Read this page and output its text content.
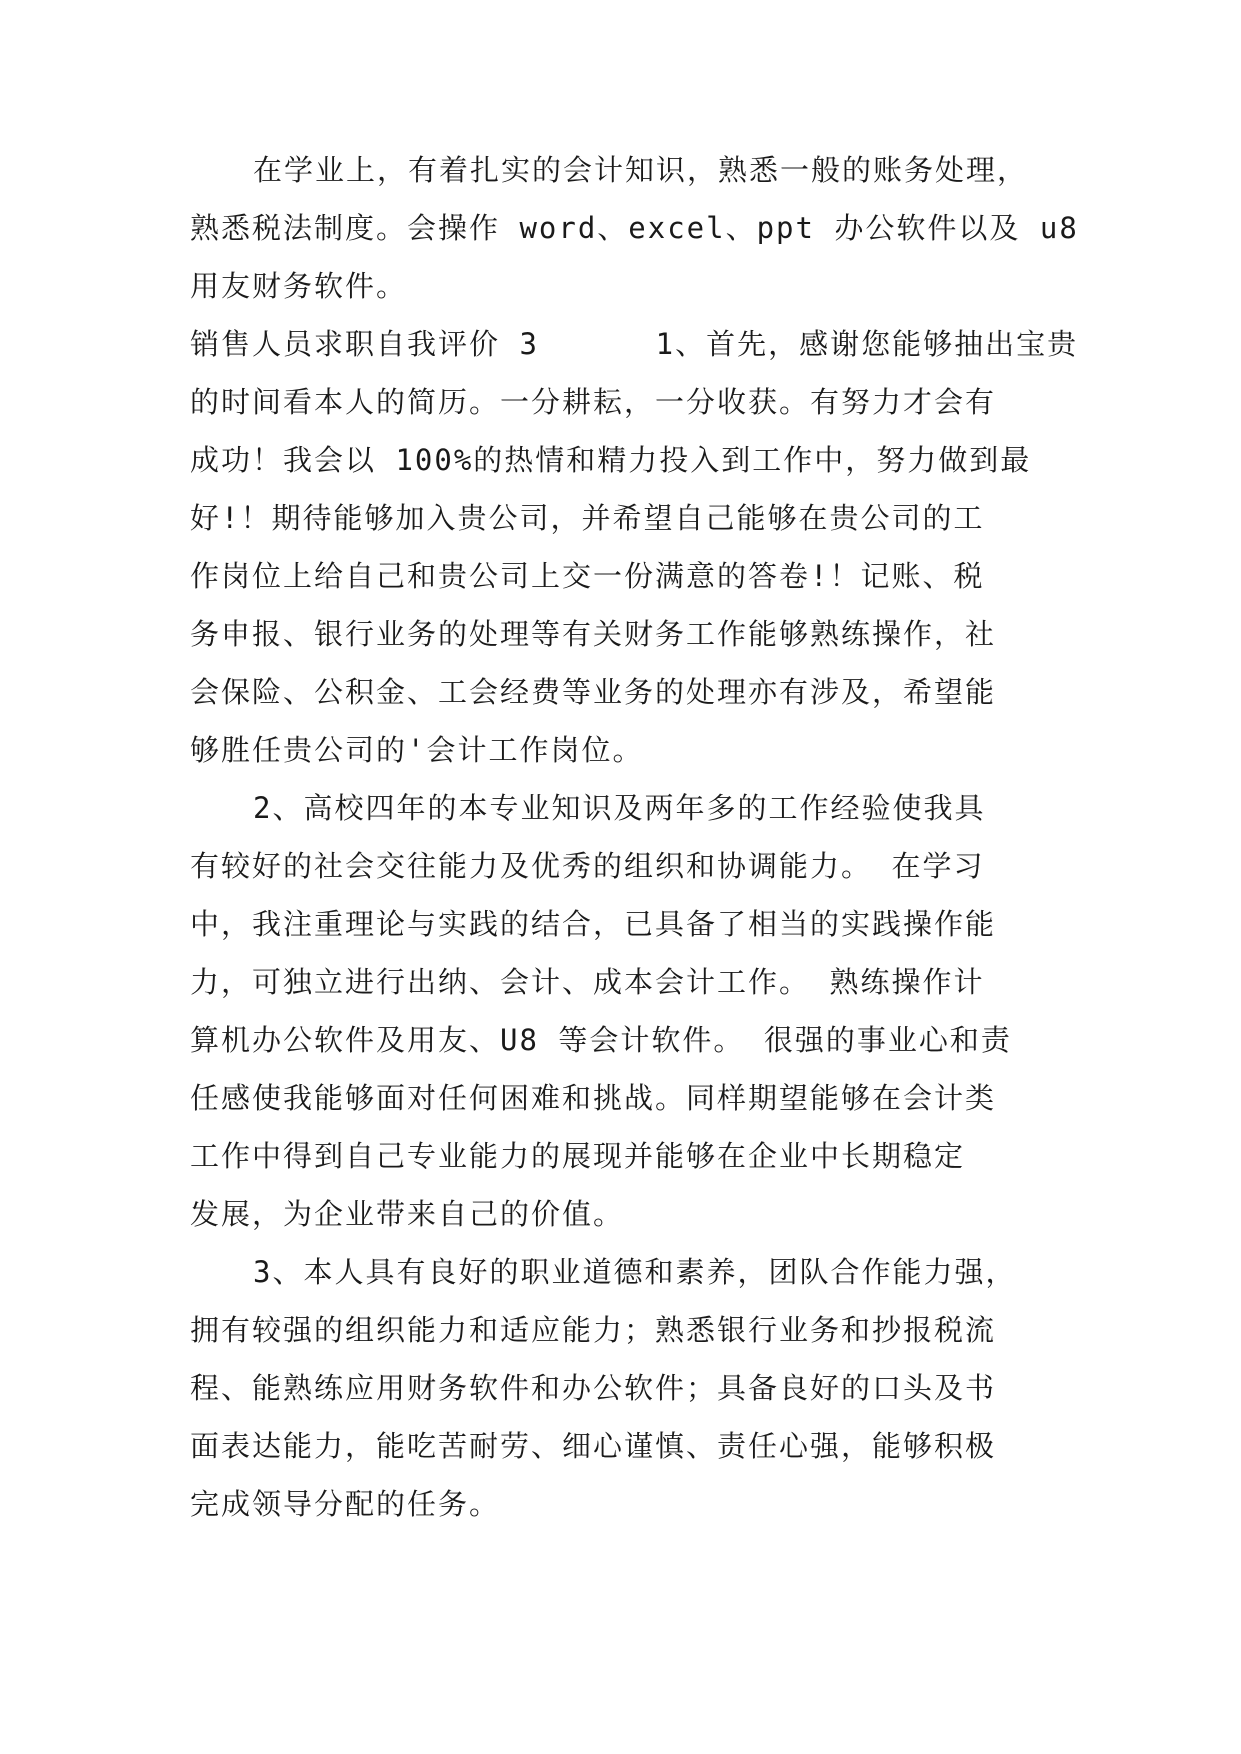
在学业上，有着扎实的会计知识，熟悉一般的账务处理，
熟悉税法制度。会操作 word、excel、ppt 办公软件以及 u8
用友财务软件。
销售人员求职自我评价 3      1、首先，感谢您能够抽出宝贵
的时间看本人的简历。一分耕耘，一分收获。有努力才会有
成功！我会以 100%的热情和精力投入到工作中，努力做到最
好!！期待能够加入贵公司，并希望自己能够在贵公司的工
作岗位上给自己和贵公司上交一份满意的答卷!！记账、税
务申报、银行业务的处理等有关财务工作能够熟练操作，社
会保险、公积金、工会经费等业务的处理亦有涉及，希望能
够胜任贵公司的'会计工作岗位。
2、高校四年的本专业知识及两年多的工作经验使我具
有较好的社会交往能力及优秀的组织和协调能力。 在学习
中，我注重理论与实践的结合，已具备了相当的实践操作能
力，可独立进行出纳、会计、成本会计工作。 熟练操作计
算机办公软件及用友、U8 等会计软件。 很强的事业心和责
任感使我能够面对任何困难和挑战。同样期望能够在会计类
工作中得到自己专业能力的展现并能够在企业中长期稳定
发展，为企业带来自己的价值。
3、本人具有良好的职业道德和素养，团队合作能力强，
拥有较强的组织能力和适应能力；熟悉银行业务和抄报税流
程、能熟练应用财务软件和办公软件；具备良好的口头及书
面表达能力，能吃苦耐劳、细心谨慎、责任心强，能够积极
完成领导分配的任务。
